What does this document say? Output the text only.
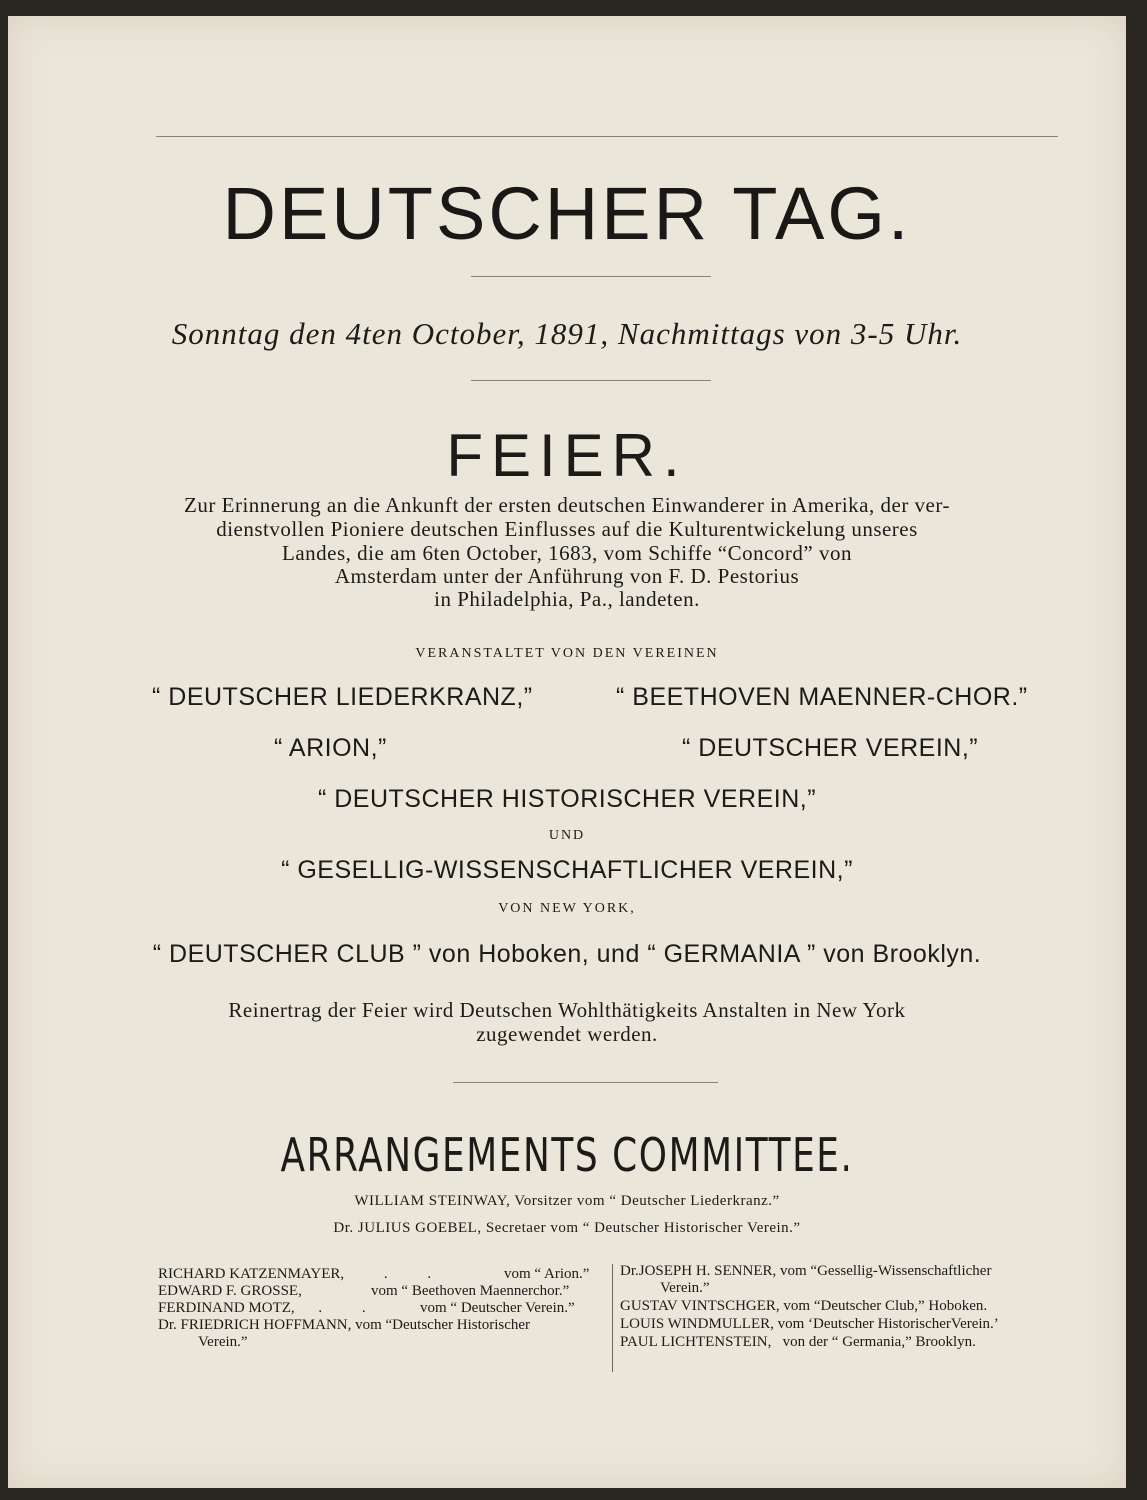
DEUTSCHER TAG.
Sonntag den 4ten October, 1891, Nachmittags von 3-5 Uhr.
FEIER.
Zur Erinnerung an die Ankunft der ersten deutschen Einwanderer in Amerika, der ver-
dienstvollen Pioniere deutschen Einflusses auf die Kulturentwickelung unseres
Landes, die am 6ten October, 1683, vom Schiffe “Concord” von
Amsterdam unter der Anführung von F. D. Pestorius
in Philadelphia, Pa., landeten.
VERANSTALTET VON DEN VEREINEN
“ DEUTSCHER LIEDERKRANZ,”	“ BEETHOVEN MAENNER-CHOR.”
“ ARION,”	“ DEUTSCHER VEREIN,”
“ DEUTSCHER HISTORISCHER VEREIN,”
UND
“ GESELLIG-WISSENSCHAFTLICHER VEREIN,”
VON NEW YORK,
“ DEUTSCHER CLUB ” von Hoboken, und “ GERMANIA ” von Brooklyn.
Reinertrag der Feier wird Deutschen Wohlthätigkeits Anstalten in New York
zugewendet werden.
ARRANGEMENTS COMMITTEE.
WILLIAM STEINWAY, Vorsitzer vom “ Deutscher Liederkranz.”
Dr. JULIUS GOEBEL, Secretaer vom “ Deutscher Historischer Verein.”
RICHARD KATZENMAYER,	. .	vom “ Arion.”
EDWARD F. GROSSE,	vom “ Beethoven Maennerchor.”
FERDINAND MOTZ, . . vom “ Deutscher Verein.”
Dr. FRIEDRICH HOFFMANN, vom “Deutscher Historischer
Verein.”
Dr.JOSEPH H. SENNER, vom “Gessellig-Wissenschaftlicher
Verein.”
GUSTAV VINTSCHGER, vom “Deutscher Club,” Hoboken.
LOUIS WINDMULLER, vom ‘Deutscher HistorischerVerein.’
PAUL LICHTENSTEIN,   von der “ Germania,” Brooklyn.
